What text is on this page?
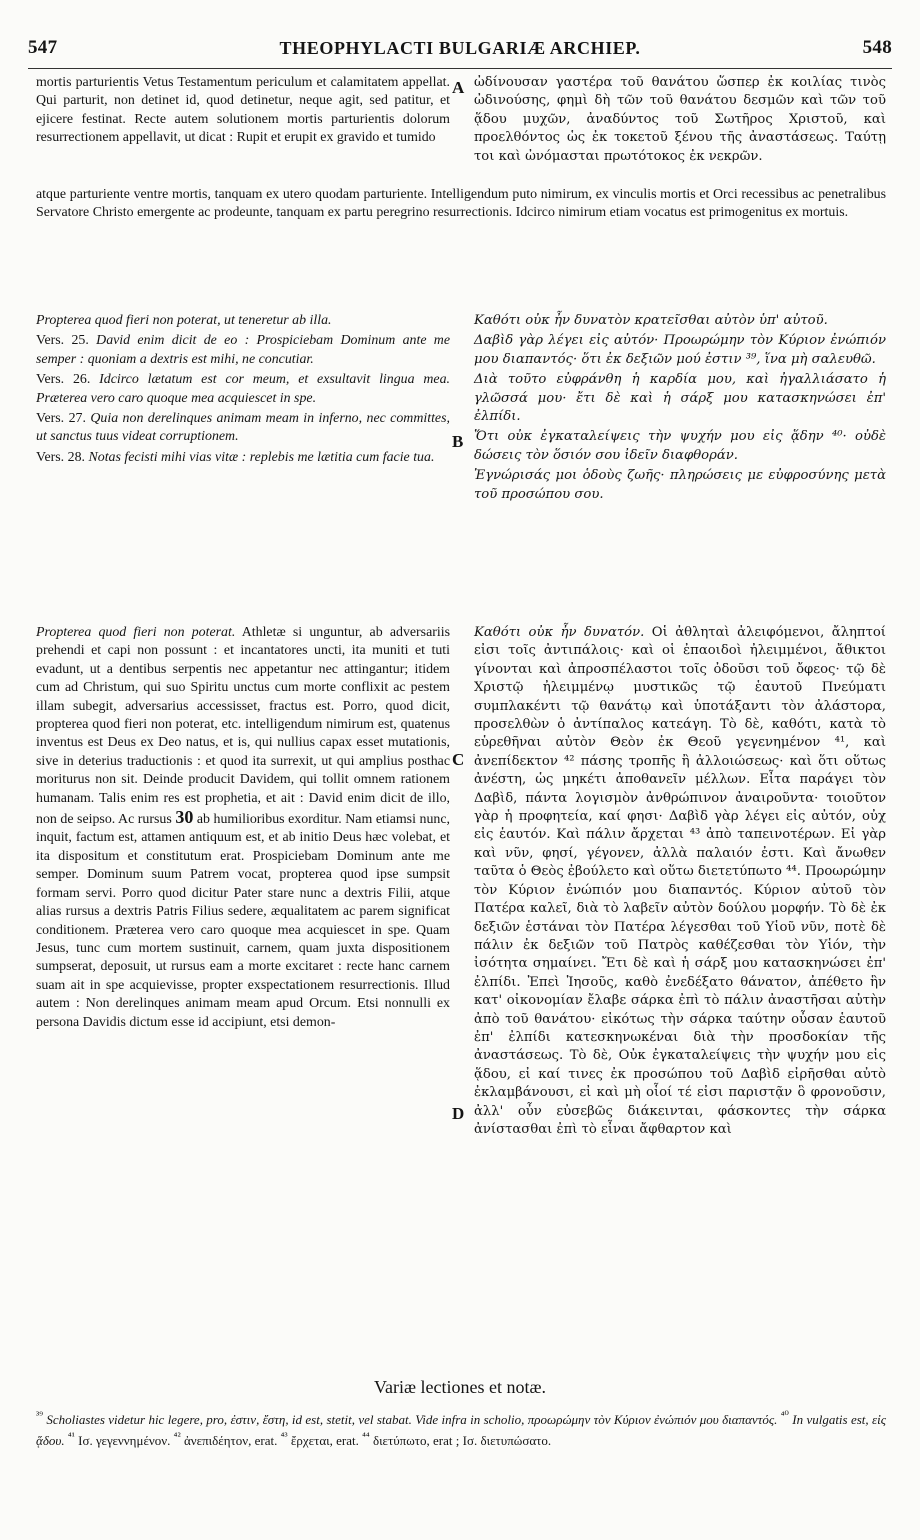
547	THEOPHYLACTI BULGARIÆ ARCHIEP.	548
A
B
C
D
mortis parturientis Vetus Testamentum periculum et calamitatem appellat. Qui parturit, non detinet id, quod detinetur, neque agit, sed patitur, et ejicere festinat. Recte autem solutionem mortis parturientis dolorum resurrectionem appellavit, ut dicat : Rupit et erupit ex gravido et tumido
ὠδίνουσαν γαστέρα τοῦ θανάτου ὥσπερ ἐκ κοιλίας τινὸς ὠδινούσης, φημὶ δὴ τῶν τοῦ θανάτου δεσμῶν καὶ τῶν τοῦ ᾅδου μυχῶν, ἀναδύντος τοῦ Σωτῆρος Χριστοῦ, καὶ προελθόντος ὡς ἐκ τοκετοῦ ξένου τῆς ἀναστάσεως. Ταύτῃ τοι καὶ ὠνόμασται πρωτότοκος ἐκ νεκρῶν.
atque parturiente ventre mortis, tanquam ex utero quodam parturiente. Intelligendum puto nimirum, ex vinculis mortis et Orci recessibus ac penetralibus Servatore Christo emergente ac prodeunte, tanquam ex partu peregrino resurrectionis. Idcirco nimirum etiam vocatus est primogenitus ex mortuis.
Propterea quod fieri non poterat, ut teneretur ab illa.
Vers. 25. David enim dicit de eo : Prospiciebam Dominum ante me semper : quoniam a dextris est mihi, ne concutiar.
Vers. 26. Idcirco lætatum est cor meum, et exsultavit lingua mea. Præterea vero caro quoque mea acquiescet in spe.
Vers. 27. Quia non derelinques animam meam in inferno, nec committes, ut sanctus tuus videat corruptionem.
Vers. 28. Notas fecisti mihi vias vitæ : replebis me lætitia cum facie tua.
Καθότι οὐκ ἦν δυνατὸν κρατεῖσθαι αὐτὸν ὑπ' αὐτοῦ.
Δαβὶδ γὰρ λέγει εἰς αὐτόν· Προωρώμην τὸν Κύριον ἐνώπιόν μου διαπαντός· ὅτι ἐκ δεξιῶν μού ἐστιν ³⁹, ἵνα μὴ σαλευθῶ.
Διὰ τοῦτο εὐφράνθη ἡ καρδία μου, καὶ ἠγαλλιάσατο ἡ γλῶσσά μου· ἔτι δὲ καὶ ἡ σάρξ μου κατασκηνώσει ἐπ' ἐλπίδι.
Ὅτι οὐκ ἐγκαταλείψεις τὴν ψυχήν μου εἰς ᾅδην ⁴⁰· οὐδὲ δώσεις τὸν ὅσιόν σου ἰδεῖν διαφθοράν.
Ἐγνώρισάς μοι ὁδοὺς ζωῆς· πληρώσεις με εὐφροσύνης μετὰ τοῦ προσώπου σου.
Propterea quod fieri non poterat. Athletæ si unguntur, ab adversariis prehendi et capi non possunt : et incantatores uncti, ita muniti et tuti evadunt, ut a dentibus serpentis nec appetantur nec attingantur; itidem cum ad Christum, qui suo Spiritu unctus cum morte conflixit ac pestem illam subegit, adversarius accessisset, fractus est. Porro, quod dicit, propterea quod fieri non poterat, etc. intelligendum nimirum est, quatenus inventus est Deus ex Deo natus, et is, qui nullius capax esset mutationis, sive in deterius traductionis : et quod ita surrexit, ut qui amplius posthac moriturus non sit. Deinde producit Davidem, qui tollit omnem rationem humanam. Talis enim res est prophetia, et ait : David enim dicit de illo, non de seipso. Ac rursus 30 ab humilioribus exorditur. Nam etiamsi nunc, inquit, factum est, attamen antiquum est, et ab initio Deus hæc volebat, et ita dispositum et constitutum erat. Prospiciebam Dominum ante me semper. Dominum suum Patrem vocat, propterea quod ipse sumpsit formam servi. Porro quod dicitur Pater stare nunc a dextris Filii, atque alias rursus a dextris Patris Filius sedere, æqualitatem ac parem significat conditionem. Præterea vero caro quoque mea acquiescet in spe. Quam Jesus, tunc cum mortem sustinuit, carnem, quam juxta dispositionem sumpserat, deposuit, ut rursus eam a morte excitaret : recte hanc carnem suam ait in spe acquievisse, propter exspectationem resurrectionis. Illud autem : Non derelinques animam meam apud Orcum. Etsi nonnulli ex persona Davidis dictum esse id accipiunt, etsi demon-
Καθότι οὐκ ἦν δυνατόν. Οἱ ἀθληταὶ ἀλειφόμενοι, ἄληπτοί εἰσι τοῖς ἀντιπάλοις· καὶ οἱ ἐπαοιδοὶ ἠλειμμένοι, ἄθικτοι γίνονται καὶ ἀπροσπέλαστοι τοῖς ὀδοῦσι τοῦ ὄφεος· τῷ δὲ Χριστῷ ἠλειμμένῳ μυστικῶς τῷ ἑαυτοῦ Πνεύματι συμπλακέντι τῷ θανάτῳ καὶ ὑποτάξαντι τὸν ἀλάστορα, προσελθὼν ὁ ἀντίπαλος κατεάγη. Τὸ δὲ, καθότι, κατὰ τὸ εὑρεθῆναι αὐτὸν Θεὸν ἐκ Θεοῦ γεγενημένον ⁴¹, καὶ ἀνεπίδεκτον ⁴² πάσης τροπῆς ἢ ἀλλοιώσεως· καὶ ὅτι οὕτως ἀνέστη, ὡς μηκέτι ἀποθανεῖν μέλλων. Εἶτα παράγει τὸν Δαβὶδ, πάντα λογισμὸν ἀνθρώπινον ἀναιροῦντα· τοιοῦτον γὰρ ἡ προφητεία, καί φησι· Δαβὶδ γὰρ λέγει εἰς αὐτόν, οὐχ εἰς ἑαυτόν. Καὶ πάλιν ἄρχεται ⁴³ ἀπὸ ταπεινοτέρων. Εἰ γὰρ καὶ νῦν, φησί, γέγονεν, ἀλλὰ παλαιόν ἐστι. Καὶ ἄνωθεν ταῦτα ὁ Θεὸς ἐβούλετο καὶ οὕτω διετετύπωτο ⁴⁴. Προωρώμην τὸν Κύριον ἐνώπιόν μου διαπαντός. Κύριον αὐτοῦ τὸν Πατέρα καλεῖ, διὰ τὸ λαβεῖν αὐτὸν δούλου μορφήν. Τὸ δὲ ἐκ δεξιῶν ἑστάναι τὸν Πατέρα λέγεσθαι τοῦ Υἱοῦ νῦν, ποτὲ δὲ πάλιν ἐκ δεξιῶν τοῦ Πατρὸς καθέζεσθαι τὸν Υἱόν, τὴν ἰσότητα σημαίνει. Ἔτι δὲ καὶ ἡ σάρξ μου κατασκηνώσει ἐπ' ἐλπίδι. Ἐπεὶ Ἰησοῦς, καθὸ ἐνεδέξατο θάνατον, ἀπέθετο ἣν κατ' οἰκονομίαν ἔλαβε σάρκα ἐπὶ τὸ πάλιν ἀναστῆσαι αὐτὴν ἀπὸ τοῦ θανάτου· εἰκότως τὴν σάρκα ταύτην οὖσαν ἑαυτοῦ ἐπ' ἐλπίδι κατεσκηνωκέναι διὰ τὴν προσδοκίαν τῆς ἀναστάσεως. Τὸ δὲ, Οὐκ ἐγκαταλείψεις τὴν ψυχήν μου εἰς ᾅδου, εἰ καί τινες ἐκ προσώπου τοῦ Δαβὶδ εἰρῆσθαι αὐτὸ ἐκλαμβάνουσι, εἰ καὶ μὴ οἷοί τέ εἰσι παριστᾷν ὃ φρονοῦσιν, ἀλλ' οὖν εὐσεβῶς διάκεινται, φάσκοντες τὴν σάρκα ἀνίστασθαι ἐπὶ τὸ εἶναι ἄφθαρτον καὶ
Variæ lectiones et notæ.
$^{^{39}}$ Scholiastes videtur hic legere, pro, ἐστιν, ἔστη, id est, stetit, vel stabat. Vide infra in scholio, προωρώμην τὸν Κύριον ἐνώπιόν μου διαπαντός. $^{^{40}}$ In vulgatis est, εἰς ᾅδου. $^{^{41}}$ Ισ. γεγεννημένον. $^{^{42}}$ ἀνεπιδέητον, erat. $^{^{43}}$ ἔρχεται, erat. $^{^{44}}$ διετύπωτο, erat ; Ισ. διετυπώσατο.
